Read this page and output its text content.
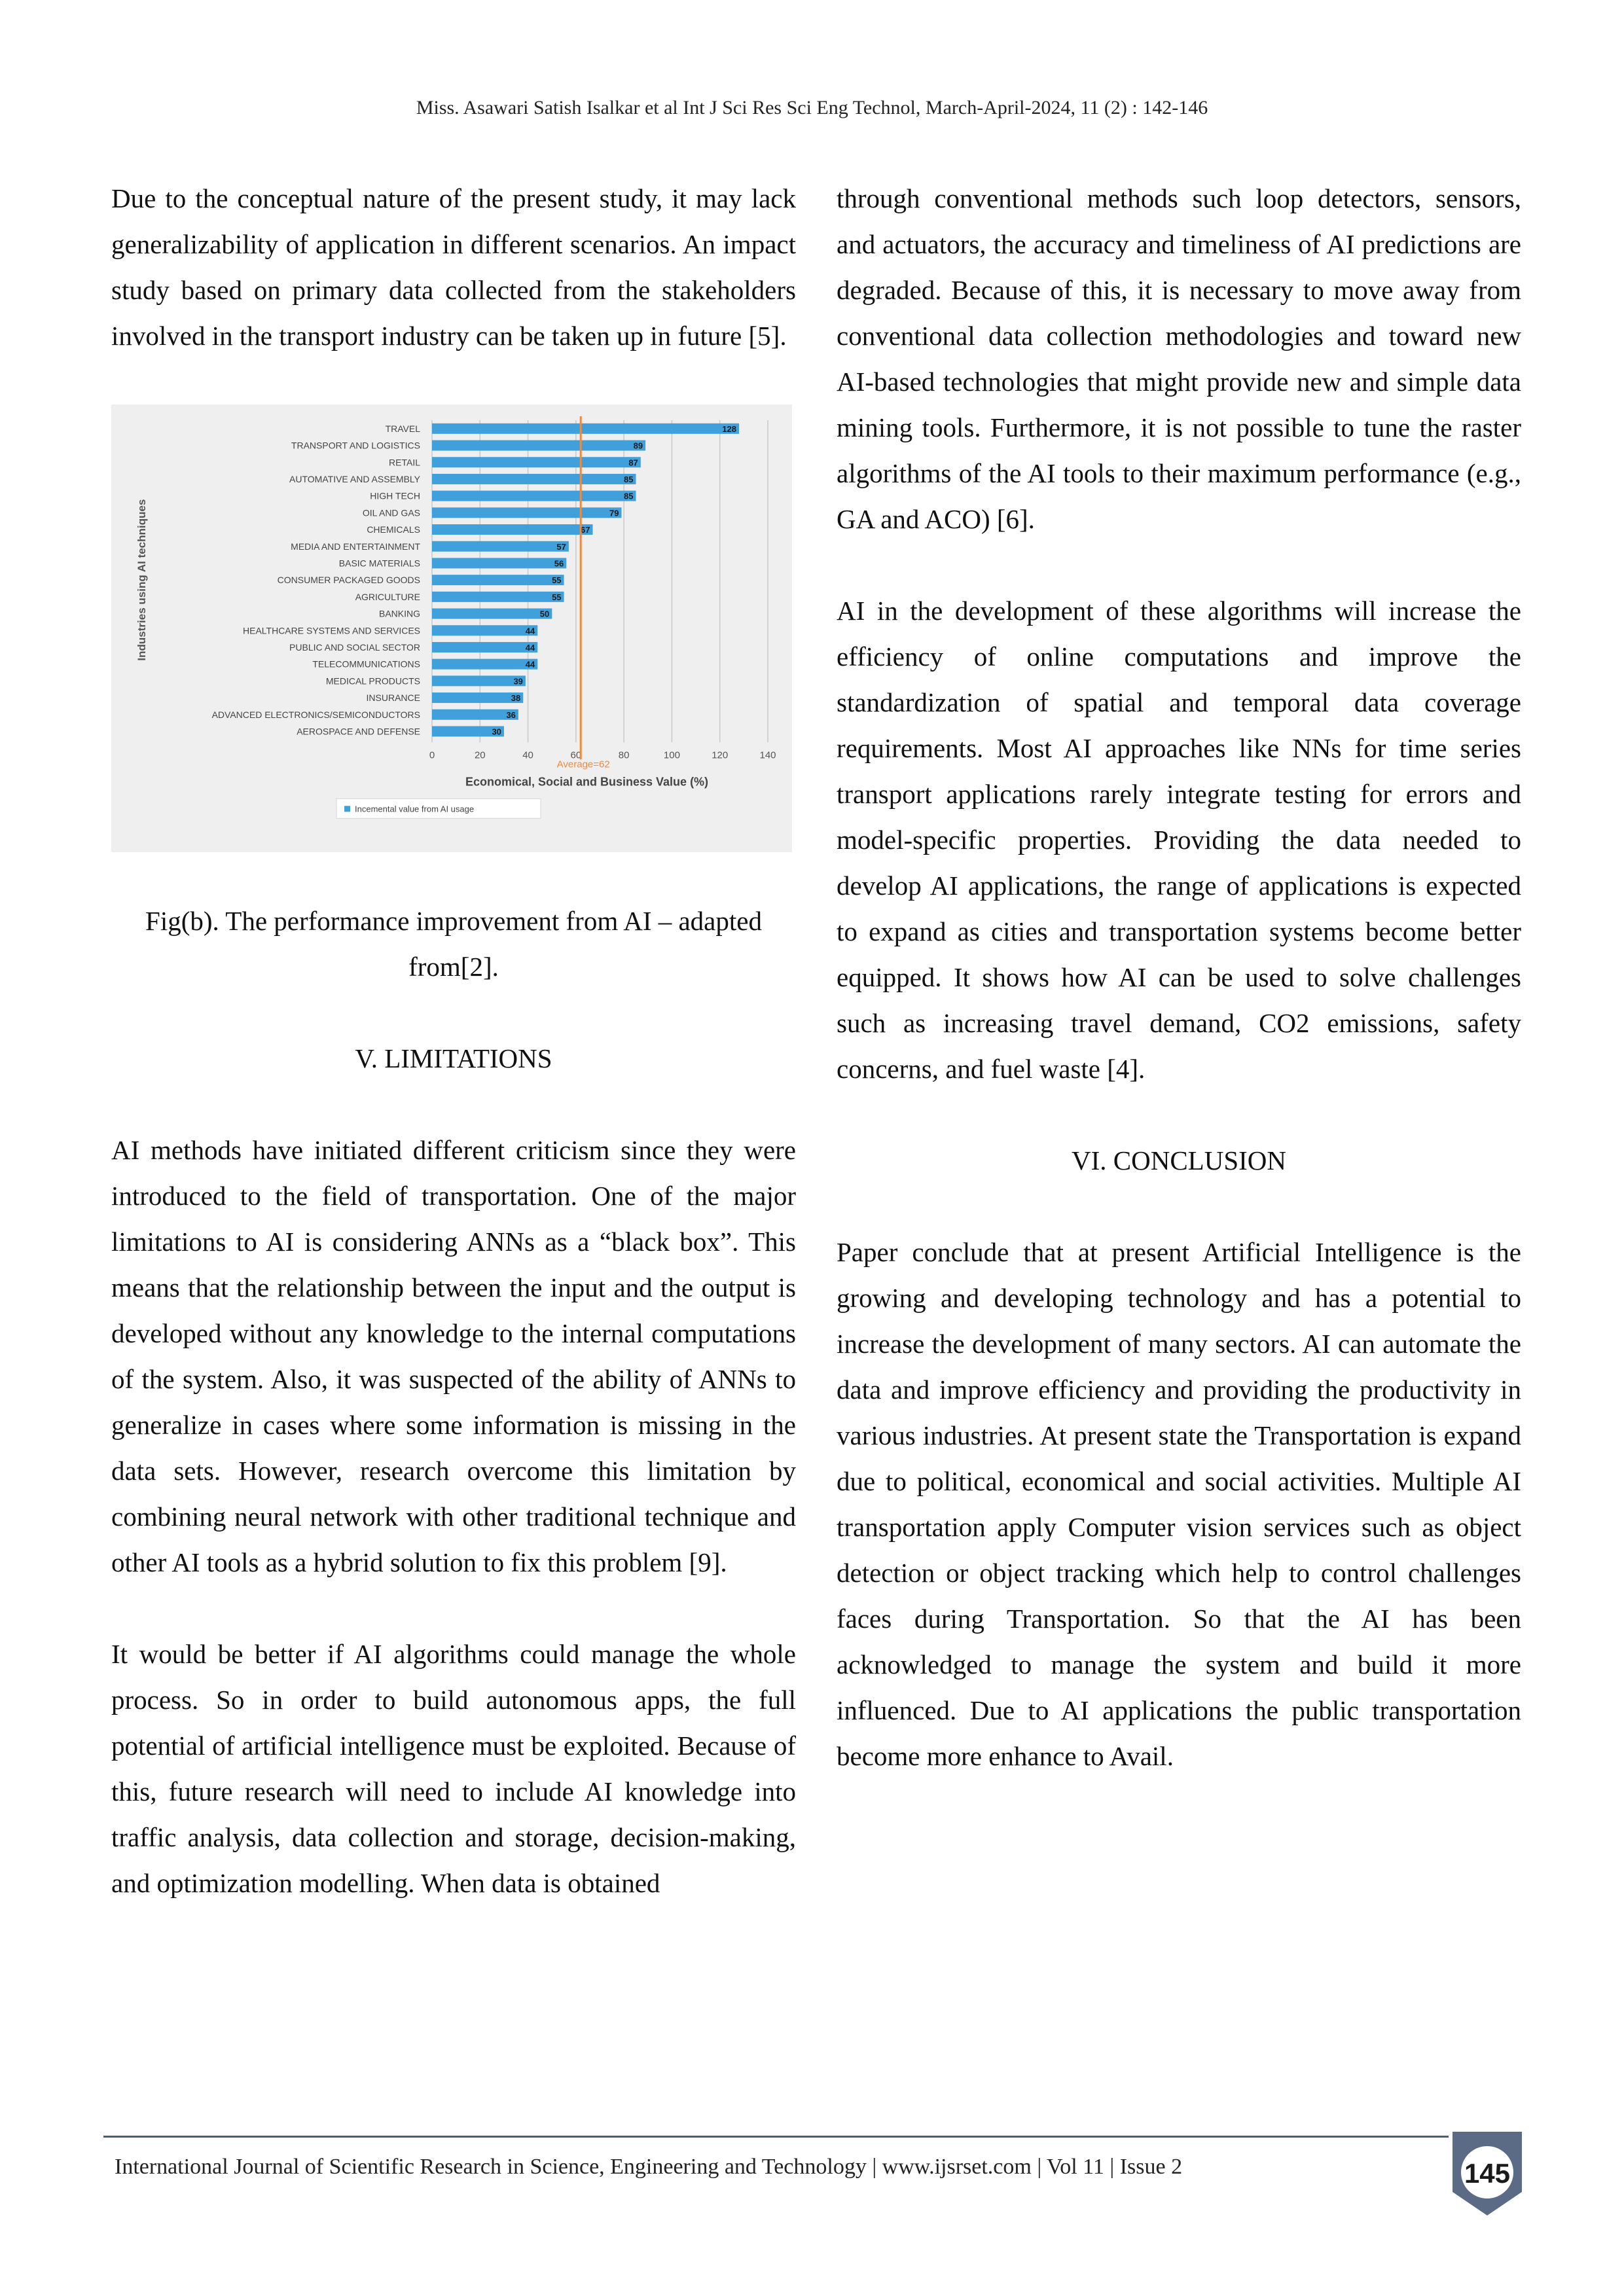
Miss. Asawari Satish Isalkar et al Int J Sci Res Sci Eng Technol, March-April-2024, 11 (2) : 142-146

Due to the conceptual nature of the present study, it may lack generalizability of application in different scenarios. An impact study based on primary data collected from the stakeholders involved in the transport industry can be taken up in future [5].

0	20	40	60	80	100	120	140
TRAVEL	128
TRANSPORT AND LOGISTICS	89
RETAIL	87
AUTOMATIVE AND ASSEMBLY	85
HIGH TECH	85
OIL AND GAS	79
CHEMICALS	67
MEDIA AND ENTERTAINMENT	57
BASIC MATERIALS	56
CONSUMER PACKAGED GOODS	55
AGRICULTURE	55
BANKING	50
HEALTHCARE SYSTEMS AND SERVICES	44
PUBLIC AND SOCIAL SECTOR	44
TELECOMMUNICATIONS	44
MEDICAL PRODUCTS	39
INSURANCE	38
ADVANCED ELECTRONICS/SEMICONDUCTORS	36
AEROSPACE AND DEFENSE	30
Average=62
Economical, Social and Business Value (%)
Industries using AI techniques
Incemental value from AI usage
Fig(b). The performance improvement from AI – adapted from[2].
V. LIMITATIONS

AI methods have initiated different criticism since they were introduced to the field of transportation. One of the major limitations to AI is considering ANNs as a “black box”. This means that the relationship between the input and the output is developed without any knowledge to the internal computations of the system. Also, it was suspected of the ability of ANNs to generalize in cases where some information is missing in the data sets. However, research overcome this limitation by combining neural network with other traditional technique and other AI tools as a hybrid solution to fix this problem [9].

It would be better if AI algorithms could manage the whole process. So in order to build autonomous apps, the full potential of artificial intelligence must be exploited. Because of this, future research will need to include AI knowledge into traffic analysis, data collection and storage, decision-making, and optimization modelling. When data is obtained

through conventional methods such loop detectors, sensors, and actuators, the accuracy and timeliness of AI predictions are degraded. Because of this, it is necessary to move away from conventional data collection methodologies and toward new AI-based technologies that might provide new and simple data mining tools. Furthermore, it is not possible to tune the raster algorithms of the AI tools to their maximum performance (e.g., GA and ACO) [6].

AI in the development of these algorithms will increase the efficiency of online computations and improve the standardization of spatial and temporal data coverage requirements. Most AI approaches like NNs for time series transport applications rarely integrate testing for errors and model-specific properties. Providing the data needed to develop AI applications, the range of applications is expected to expand as cities and transportation systems become better equipped. It shows how AI can be used to solve challenges such as increasing travel demand, CO2 emissions, safety concerns, and fuel waste [4].

VI. CONCLUSION

Paper conclude that at present Artificial Intelligence is the growing and developing technology and has a potential to increase the development of many sectors. AI can automate the data and improve efficiency and providing the productivity in various industries. At present state the Transportation is expand due to political, economical and social activities. Multiple AI transportation apply Computer vision services such as object detection or object tracking which help to control challenges faces during Transportation. So that the AI has been acknowledged to manage the system and build it more influenced. Due to AI applications the public transportation become more enhance to Avail.

International Journal of Scientific Research in Science, Engineering and Technology | www.ijsrset.com | Vol 11 | Issue 2	145
